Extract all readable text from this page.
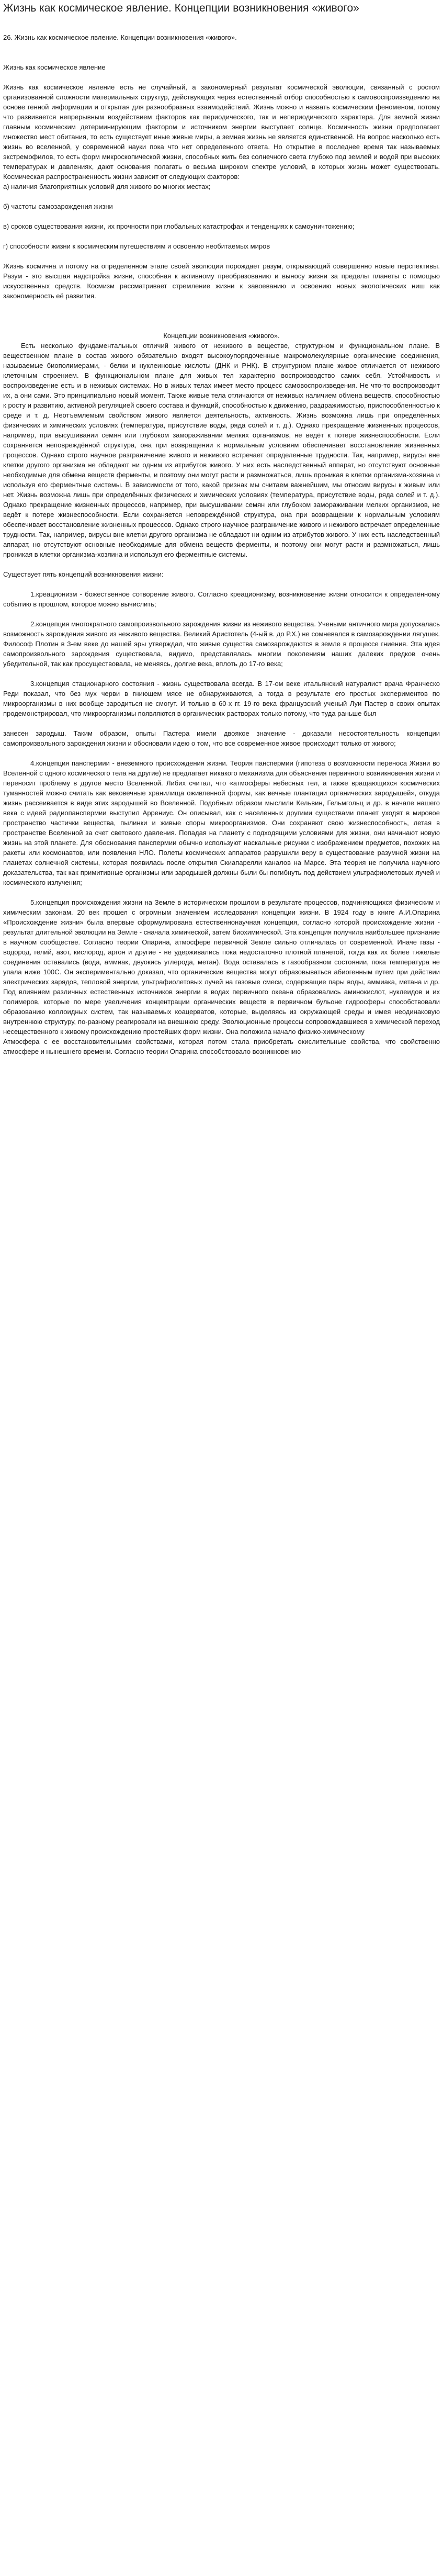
Жизнь как космическое явление. Концепции возникновения «живого»

26. Жизнь как космическое явление. Концепции возникновения «живого».

Жизнь как космическое явление

Жизнь как космическое явление есть не случайный, а закономерный результат космической эволюции, связанный с ростом организованной сложности материальных структур, действующих через естественный отбор способностью к самовоспроизведению на основе генной информации и открытая для разнообразных взаимодействий. Жизнь можно и назвать космическим феноменом, потому что развивается непрерывным воздействием факторов как периодического, так и непериодического характера. Для земной жизни главным космическим детерминирующим фактором и источником энергии выступает солнце. Космичность жизни предполагает множество мест обитания, то есть существует иные живые миры, а земная жизнь не является единственной. На вопрос насколько есть жизнь во вселенной, у современной науки пока что нет определенного ответа. Но открытие в последнее время так называемых экстремофилов, то есть форм микроскопической жизни, способных жить без солнечного света глубоко под землей и водой при высоких температурах и давлениях, дают основания полагать о весьма широком спектре условий, в которых жизнь может существовать. Космическая распространенность жизни зависит от следующих факторов:

а) наличия благоприятных условий для живого во многих местах;

б) частоты самозарождения жизни

в) сроков существования жизни, их прочности при глобальных катастрофах и тенденциях к самоуничтожению;

г) способности жизни к космическим путешествиям и освоению необитаемых миров

Жизнь космична и потому на определенном этапе своей эволюции порождает разум, открывающий совершенно новые перспективы. Разум - это высшая надстройка жизни, способная к активному преобразованию и выносу жизни за пределы планеты с помощью искусственных средств. Космизм рассматривает стремление жизни к завоеванию и освоению новых экологических ниш как закономерность её развития.

Концепции возникновения «живого».

Есть несколько фундаментальных отличий живого от неживого в веществе, структурном и функциональном плане. В вещественном плане в состав живого обязательно входят высокоупорядоченные макромолекулярные органические соединения, называемые биополимерами, - белки и нуклеиновые кислоты (ДНК и РНК). В структурном плане живое отличается от неживого клеточным строением. В функциональном плане для живых тел характерно воспроизводство самих себя. Устойчивость и воспроизведение есть и в неживых системах. Но в живых телах имеет место процесс самовоспроизведения. Не что-то воспроизводит их, а они сами. Это принципиально новый момент. Также живые тела отличаются от неживых наличием обмена веществ, способностью к росту и развитию, активной регуляцией своего состава и функций, способностью к движению, раздражимостью, приспособленностью к среде и т. д. Неотъемлемым свойством живого является деятельность, активность. Жизнь возможна лишь при определённых физических и химических условиях (температура, присутствие воды, ряда солей и т. д.). Однако прекращение жизненных процессов, например, при высушивании семян или глубоком замораживании мелких организмов, не ведёт к потере жизнеспособности. Если сохраняется неповреждённой структура, она при возвращении к нормальным условиям обеспечивает восстановление жизненных процессов. Однако строго научное разграничение живого и неживого встречает определенные трудности. Так, например, вирусы вне клетки другого организма не обладают ни одним из атрибутов живого. У них есть наследственный аппарат, но отсутствуют основные необходимые для обмена веществ ферменты, и поэтому они могут расти и размножаться, лишь проникая в клетки организма-хозяина и используя его ферментные системы. В зависимости от того, какой признак мы считаем важнейшим, мы относим вирусы к живым или нет. Жизнь возможна лишь при определённых физических и химических условиях (температура, присутствие воды, ряда солей и т. д.). Однако прекращение жизненных процессов, например, при высушивании семян или глубоком замораживании мелких организмов, не ведёт к потере жизнеспособности. Если сохраняется неповреждённой структура, она при возвращении к нормальным условиям обеспечивает восстановление жизненных процессов. Однако строго научное разграничение живого и неживого встречает определенные трудности. Так, например, вирусы вне клетки другого организма не обладают ни одним из атрибутов живого. У них есть наследственный аппарат, но отсутствуют основные необходимые для обмена веществ ферменты, и поэтому они могут расти и размножаться, лишь проникая в клетки организма-хозяина и используя его ферментные системы.

Существует пять концепций возникновения жизни:

1.креационизм - божественное сотворение живого. Согласно креационизму, возникновение жизни относится к определённому событию в прошлом, которое можно вычислить;

2.концепция многократного самопроизвольного зарождения жизни из неживого вещества. Учеными античного мира допускалась возможность зарождения живого из неживого вещества. Великий Аристотель (4-ый в. до Р.Х.) не сомневался в самозарождении лягушек. Философ Плотин в 3-ем веке до нашей эры утверждал, что живые существа самозарождаются в земле в процессе гниения. Эта идея самопроизвольного зарождения существовала, видимо, представлялась многим поколениям наших далеких предков очень убедительной, так как просуществовала, не меняясь, долгие века, вплоть до 17-го века;

3.концепция стационарного состояния - жизнь существовала всегда. В 17-ом веке итальянский натуралист врача Франческо Реди показал, что без мух черви в гниющем мясе не обнаруживаются, а тогда в результате его простых экспериментов по микроорганизмы в них вообще зародиться не смогут. И только в 60-х гг. 19-го века французский ученый Луи Пастер в своих опытах продемонстрировал, что микроорганизмы появляются в органических растворах только потому, что туда раньше был

занесен зародыш. Таким образом, опыты Пастера имели двоякое значение - доказали несостоятельность концепции самопроизвольного зарождения жизни и обосновали идею о том, что все современное живое происходит только от живого;

4.концепция панспермии - внеземного происхождения жизни. Теория панспермии (гипотеза о возможности переноса Жизни во Вселенной с одного космического тела на другие) не предлагает никакого механизма для объяснения первичного возникновения жизни и переносит проблему в другое место Вселенной. Либих считал, что «атмосферы небесных тел, а также вращающихся космических туманностей можно считать как вековечные хранилища оживленной формы, как вечные плантации органических зародышей», откуда жизнь рассеивается в виде этих зародышей во Вселенной. Подобным образом мыслили Кельвин, Гельмгольц и др. в начале нашего века с идеей радиопанспермии выступил Аррениус. Он описывал, как с населенных другими существами планет уходят в мировое пространство частички вещества, пылинки и живые споры микроорганизмов. Они сохраняют свою жизнеспособность, летая в пространстве Вселенной за счет светового давления. Попадая на планету с подходящими условиями для жизни, они начинают новую жизнь на этой планете. Для обоснования панспермии обычно используют наскальные рисунки с изображением предметов, похожих на ракеты или космонавтов, или появления НЛО. Полеты космических аппаратов разрушили веру в существование разумной жизни на планетах солнечной системы, которая появилась после открытия Скиапарелли каналов на Марсе. Эта теория не получила научного доказательства, так как примитивные организмы или зародышей должны были бы погибнуть под действием ультрафиолетовых лучей и космического излучения;

5.концепция происхождения жизни на Земле в историческом прошлом в результате процессов, подчиняющихся физическим и химическим законам. 20 век прошел с огромным значением исследования концепции жизни. В 1924 году в книге А.И.Опарина «Происхождение жизни» была впервые сформулирована естественнонаучная концепция, согласно которой происхождение жизни - результат длительной эволюции на Земле - сначала химической, затем биохимической. Эта концепция получила наибольшее признание в научном сообществе. Согласно теории Опарина, атмосфере первичной Земле сильно отличалась от современной. Иначе газы - водород, гелий, азот, кислород, аргон и другие - не удерживались пока недостаточно плотной планетой, тогда как их более тяжелые соединения оставались (вода, аммиак, двуокись углерода, метан). Вода оставалась в газообразном состоянии, пока температура не упала ниже 100С. Он экспериментально доказал, что органические вещества могут образовываться абиогенным путем при действии электрических зарядов, тепловой энергии, ультрафиолетовых лучей на газовые смеси, содержащие пары воды, аммиака, метана и др. Под влиянием различных естественных источников энергии в водах первичного океана образовались аминокислот, нуклеидов и их полимеров, которые по мере увеличения концентрации органических веществ в первичном бульоне гидросферы способствовали образованию коллоидных систем, так называемых коацерватов, которые, выделяясь из окружающей среды и имея неодинаковую внутреннюю структуру, по-разному реагировали на внешнюю среду. Эволюционные процессы сопровождавшиеся в химической переход несещественного к живому происхождению простейших форм жизни. Она положила начало физико-химическому

Атмосфера с ее восстановительными свойствами, которая потом стала приобретать окислительные свойства, что свойственно атмосфере и нынешнего времени. Согласно теории Опарина способствовало возникновению
